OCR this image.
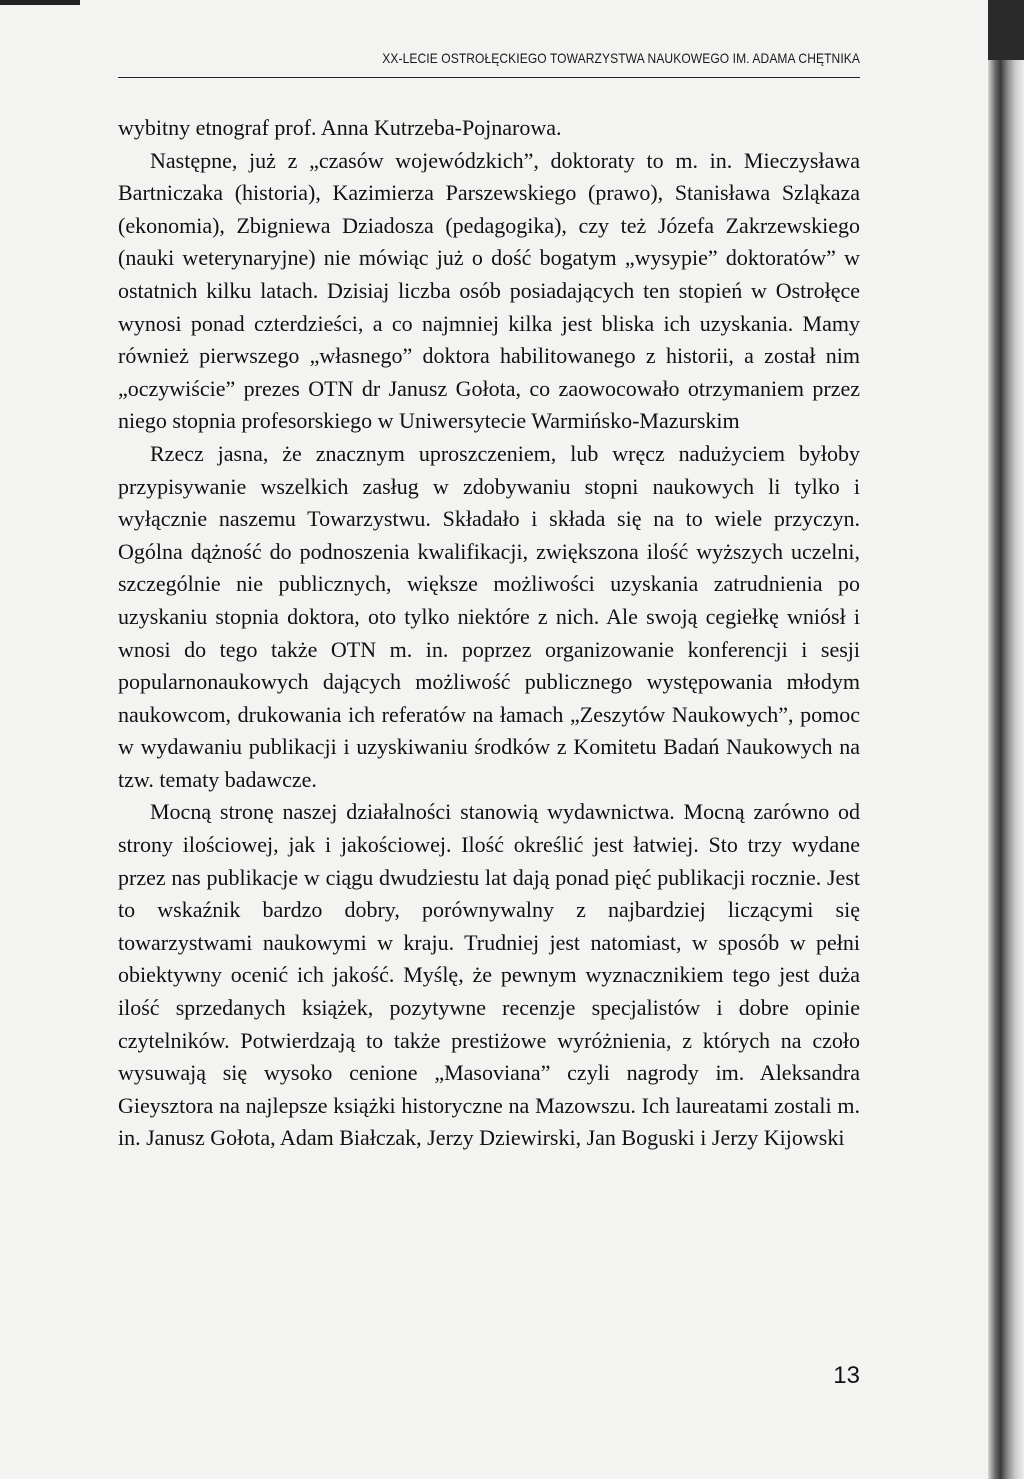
XX-LECIE OSTROŁĘCKIEGO TOWARZYSTWA NAUKOWEGO IM. ADAMA CHĘTNIKA

wybitny etnograf prof. Anna Kutrzeba-Pojnarowa.

Następne, już z „czasów wojewódzkich”, doktoraty to m. in. Mieczysława Bartniczaka (historia), Kazimierza Parszewskiego (prawo), Stanisława Szląkaza (ekonomia), Zbigniewa Dziadosza (pedagogika), czy też Józefa Zakrzewskiego (nauki weterynaryjne) nie mówiąc już o dość bogatym „wysypie” doktoratów” w ostatnich kilku latach. Dzisiaj liczba osób posiadających ten stopień w Ostrołęce wynosi ponad czterdzieści, a co najmniej kilka jest bliska ich uzyskania. Mamy również pierwszego „własnego” doktora habilitowanego z historii, a został nim „oczywiście” prezes OTN dr Janusz Gołota, co zaowocowało otrzymaniem przez niego stopnia profesorskiego w Uniwersytecie Warmińsko-Mazurskim

Rzecz jasna, że znacznym uproszczeniem, lub wręcz nadużyciem byłoby przypisywanie wszelkich zasług w zdobywaniu stopni naukowych li tylko i wyłącznie naszemu Towarzystwu. Składało i składa się na to wiele przyczyn. Ogólna dążność do podnoszenia kwalifikacji, zwiększona ilość wyższych uczelni, szczególnie nie publicznych, większe możliwości uzyskania zatrudnienia po uzyskaniu stopnia doktora, oto tylko niektóre z nich. Ale swoją cegiełkę wniósł i wnosi do tego także OTN m. in. poprzez organizowanie konferencji i sesji popularnonaukowych dających możliwość publicznego występowania młodym naukowcom, drukowania ich referatów na łamach „Zeszytów Naukowych”, pomoc w wydawaniu publikacji i uzyskiwaniu środków z Komitetu Badań Naukowych na tzw. tematy badawcze.

Mocną stronę naszej działalności stanowią wydawnictwa. Mocną zarówno od strony ilościowej, jak i jakościowej. Ilość określić jest łatwiej. Sto trzy wydane przez nas publikacje w ciągu dwudziestu lat dają ponad pięć publikacji rocznie. Jest to wskaźnik bardzo dobry, porównywalny z najbardziej liczącymi się towarzystwami naukowymi w kraju. Trudniej jest natomiast, w sposób w pełni obiektywny ocenić ich jakość. Myślę, że pewnym wyznacznikiem tego jest duża ilość sprzedanych książek, pozytywne recenzje specjalistów i dobre opinie czytelników. Potwierdzają to także prestiżowe wyróżnienia, z których na czoło wysuwają się wysoko cenione „Masoviana” czyli nagrody im. Aleksandra Gieysztora na najlepsze książki historyczne na Mazowszu. Ich laureatami zostali m. in. Janusz Gołota, Adam Białczak, Jerzy Dziewirski, Jan Boguski i Jerzy Kijowski

13
